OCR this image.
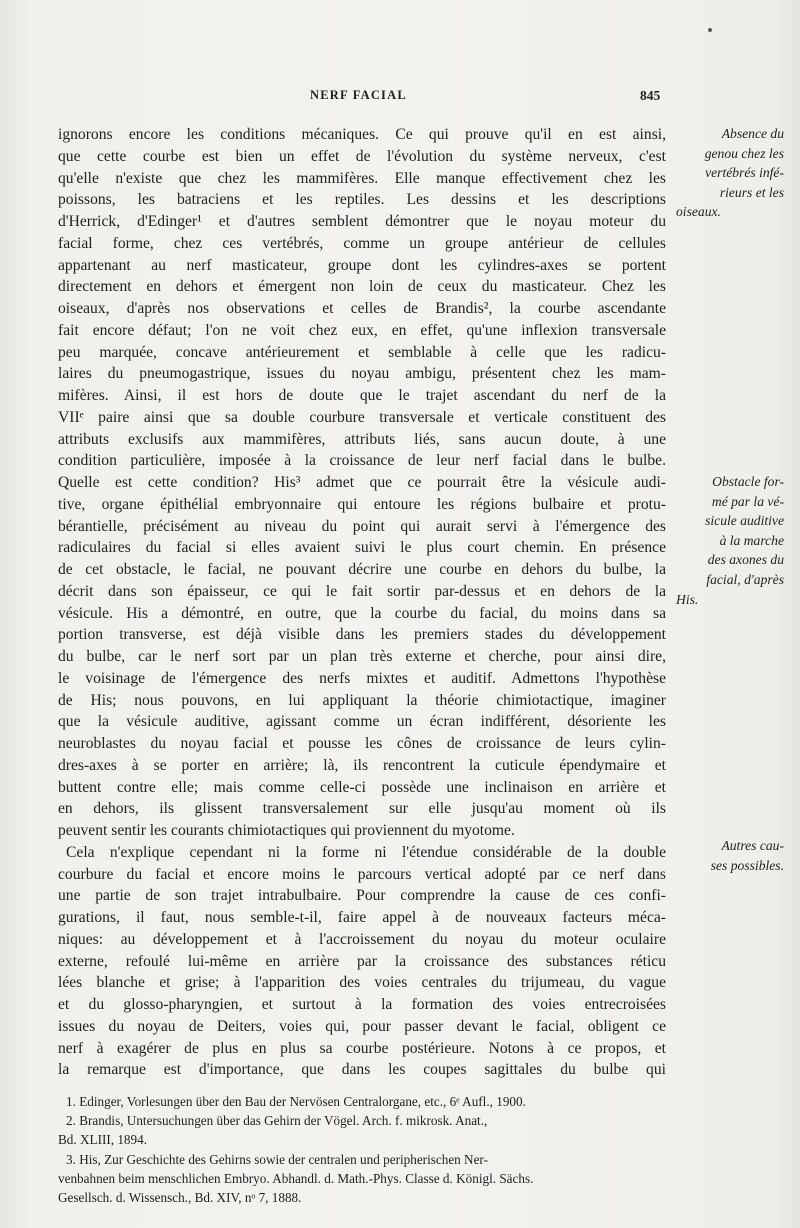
NERF FACIAL	845
ignorons encore les conditions mécaniques. Ce qui prouve qu'il en est ainsi,
que cette courbe est bien un effet de l'évolution du système nerveux, c'est
qu'elle n'existe que chez les mammifères. Elle manque effectivement chez les
poissons, les batraciens et les reptiles. Les dessins et les descriptions
d'Herrick, d'Edinger¹ et d'autres semblent démontrer que le noyau moteur du
facial forme, chez ces vertébrés, comme un groupe antérieur de cellules
appartenant au nerf masticateur, groupe dont les cylindres-axes se portent
directement en dehors et émergent non loin de ceux du masticateur. Chez les
oiseaux, d'après nos observations et celles de Brandis², la courbe ascendante
fait encore défaut; l'on ne voit chez eux, en effet, qu'une inflexion transversale
peu marquée, concave antérieurement et semblable à celle que les radicu-
laires du pneumogastrique, issues du noyau ambigu, présentent chez les mam-
mifères. Ainsi, il est hors de doute que le trajet ascendant du nerf de la
VIIᵉ paire ainsi que sa double courbure transversale et verticale constituent des
attributs exclusifs aux mammifères, attributs liés, sans aucun doute, à une
condition particulière, imposée à la croissance de leur nerf facial dans le bulbe.
Quelle est cette condition? His³ admet que ce pourrait être la vésicule audi-
tive, organe épithélial embryonnaire qui entoure les régions bulbaire et protu-
bérantielle, précisément au niveau du point qui aurait servi à l'émergence des
radiculaires du facial si elles avaient suivi le plus court chemin. En présence
de cet obstacle, le facial, ne pouvant décrire une courbe en dehors du bulbe, la
décrit dans son épaisseur, ce qui le fait sortir par-dessus et en dehors de la
vésicule. His a démontré, en outre, que la courbe du facial, du moins dans sa
portion transverse, est déjà visible dans les premiers stades du développement
du bulbe, car le nerf sort par un plan très externe et cherche, pour ainsi dire,
le voisinage de l'émergence des nerfs mixtes et auditif. Admettons l'hypothèse
de His; nous pouvons, en lui appliquant la théorie chimiotactique, imaginer
que la vésicule auditive, agissant comme un écran indifférent, désoriente les
neuroblastes du noyau facial et pousse les cônes de croissance de leurs cylin-
dres-axes à se porter en arrière; là, ils rencontrent la cuticule épendymaire et
buttent contre elle; mais comme celle-ci possède une inclinaison en arrière et
en dehors, ils glissent transversalement sur elle jusqu'au moment où ils
peuvent sentir les courants chimiotactiques qui proviennent du myotome.
Cela n'explique cependant ni la forme ni l'étendue considérable de la double
courbure du facial et encore moins le parcours vertical adopté par ce nerf dans
une partie de son trajet intrabulbaire. Pour comprendre la cause de ces confi-
gurations, il faut, nous semble-t-il, faire appel à de nouveaux facteurs méca-
niques: au développement et à l'accroissement du noyau du moteur oculaire
externe, refoulé lui-même en arrière par la croissance des substances réticu
lées blanche et grise; à l'apparition des voies centrales du trijumeau, du vague
et du glosso-pharyngien, et surtout à la formation des voies entrecroisées
issues du noyau de Deiters, voies qui, pour passer devant le facial, obligent ce
nerf à exagérer de plus en plus sa courbe postérieure. Notons à ce propos, et
la remarque est d'importance, que dans les coupes sagittales du bulbe qui
Absence du
genou chez les
vertébrés infé-
rieurs et les
oiseaux.
Obstacle for-
mé par la vé-
sicule auditive
à la marche
des axones du
facial, d'après
His.
Autres cau-
ses possibles.
1. Edinger, Vorlesungen über den Bau der Nervösen Centralorgane, etc., 6ᵉ Aufl., 1900.
2. Brandis, Untersuchungen über das Gehirn der Vögel. Arch. f. mikrosk. Anat.,
Bd. XLIII, 1894.
3. His, Zur Geschichte des Gehirns sowie der centralen und peripherischen Ner-
venbahnen beim menschlichen Embryo. Abhandl. d. Math.-Phys. Classe d. Königl. Sächs.
Gesellsch. d. Wissensch., Bd. XIV, nᵒ 7, 1888.
